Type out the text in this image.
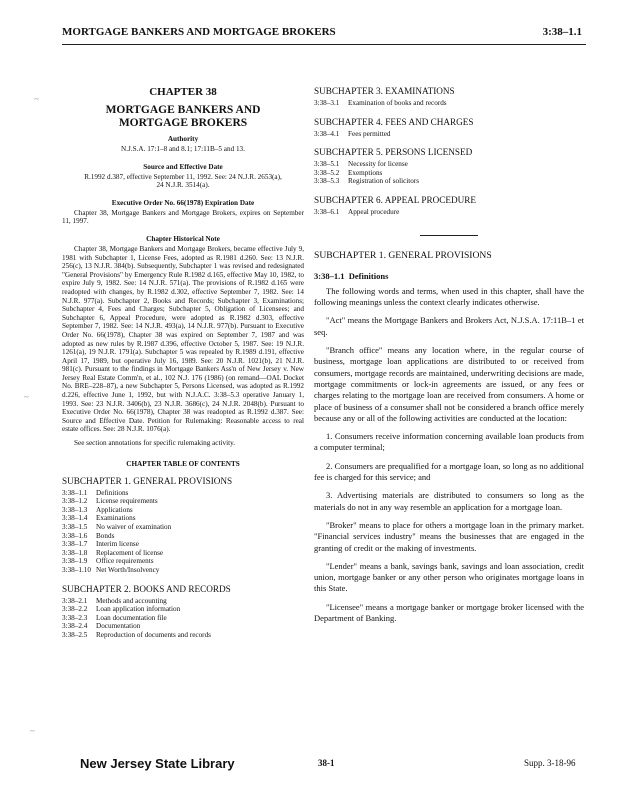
MORTGAGE BANKERS AND MORTGAGE BROKERS	3:38–1.1
~
~
~

CHAPTER 38

MORTGAGE BANKERS AND MORTGAGE BROKERS

Authority

N.J.S.A. 17:1–8 and 8.1; 17:11B–5 and 13.

Source and Effective Date

R.1992 d.387, effective September 11, 1992. See: 24 N.J.R. 2653(a), 24 N.J.R. 3514(a).

Executive Order No. 66(1978) Expiration Date

Chapter 38, Mortgage Bankers and Mortgage Brokers, expires on September 11, 1997.

Chapter Historical Note

Chapter 38, Mortgage Bankers and Mortgage Brokers, became effective July 9, 1981 with Subchapter 1, License Fees, adopted as R.1981 d.260. See: 13 N.J.R. 256(c), 13 N.J.R. 384(b). Subsequently, Subchapter 1 was revised and redesignated "General Provisions" by Emergency Rule R.1982 d.165, effective May 10, 1982, to expire July 9, 1982. See: 14 N.J.R. 571(a). The provisions of R.1982 d.165 were readopted with changes, by R.1982 d.302, effective September 7, 1982. See: 14 N.J.R. 977(a). Subchapter 2, Books and Records; Subchapter 3, Examinations; Subchapter 4, Fees and Charges; Subchapter 5, Obligation of Licensees; and Subchapter 6, Appeal Procedure, were adopted as R.1982 d.303, effective September 7, 1982. See: 14 N.J.R. 493(a), 14 N.J.R. 977(b). Pursuant to Executive Order No. 66(1978), Chapter 38 was expired on September 7, 1987 and was adopted as new rules by R.1987 d.396, effective October 5, 1987. See: 19 N.J.R. 1261(a), 19 N.J.R. 1791(a). Subchapter 5 was repealed by R.1989 d.191, effective April 17, 1989, but operative July 16, 1989. See: 20 N.J.R. 1021(b), 21 N.J.R. 981(c). Pursuant to the findings in Mortgage Bankers Ass'n of New Jersey v. New Jersey Real Estate Comm'n, et al., 102 N.J. 176 (1986) (on remand—OAL Docket No. BRE–228–87), a new Subchapter 5, Persons Licensed, was adopted as R.1992 d.226, effective June 1, 1992, but with N.J.A.C. 3:38–5.3 operative January 1, 1993. See: 23 N.J.R. 3406(b), 23 N.J.R. 3686(c), 24 N.J.R. 2048(b). Pursuant to Executive Order No. 66(1978), Chapter 38 was readopted as R.1992 d.387. See: Source and Effective Date. Petition for Rulemaking: Reasonable access to real estate offices. See: 28 N.J.R. 1076(a).

See section annotations for specific rulemaking activity.

CHAPTER TABLE OF CONTENTS

SUBCHAPTER 1. GENERAL PROVISIONS

3:38–1.1	Definitions
3:38–1.2	License requirements
3:38–1.3	Applications
3:38–1.4	Examinations
3:38–1.5	No waiver of examination
3:38–1.6	Bonds
3:38–1.7	Interim license
3:38–1.8	Replacement of license
3:38–1.9	Office requirements
3:38–1.10 Net Worth/Insolvency

SUBCHAPTER 2. BOOKS AND RECORDS

3:38–2.1	Methods and accounting
3:38–2.2	Loan application information
3:38–2.3	Loan documentation file
3:38–2.4	Documentation
3:38–2.5	Reproduction of documents and records

SUBCHAPTER 3. EXAMINATIONS

3:38–3.1	Examination of books and records

SUBCHAPTER 4. FEES AND CHARGES

3:38–4.1	Fees permitted

SUBCHAPTER 5. PERSONS LICENSED

3:38–5.1	Necessity for license
3:38–5.2	Exemptions
3:38–5.3	Registration of solicitors

SUBCHAPTER 6. APPEAL PROCEDURE

3:38–6.1	Appeal procedure

SUBCHAPTER 1. GENERAL PROVISIONS

3:38–1.1 Definitions

The following words and terms, when used in this chapter, shall have the following meanings unless the context clearly indicates otherwise.

"Act" means the Mortgage Bankers and Brokers Act, N.J.S.A. 17:11B–1 et seq.

"Branch office" means any location where, in the regular course of business, mortgage loan applications are distributed to or received from consumers, mortgage records are maintained, underwriting decisions are made, mortgage commitments or lock-in agreements are issued, or any fees or charges relating to the mortgage loan are received from consumers. A home or place of business of a consumer shall not be considered a branch office merely because any or all of the following activities are conducted at the location:

1. Consumers receive information concerning available loan products from a computer terminal;

2. Consumers are prequalified for a mortgage loan, so long as no additional fee is charged for this service; and

3. Advertising materials are distributed to consumers so long as the materials do not in any way resemble an application for a mortgage loan.

"Broker" means to place for others a mortgage loan in the primary market. "Financial services industry" means the businesses that are engaged in the granting of credit or the making of investments.

"Lender" means a bank, savings bank, savings and loan association, credit union, mortgage banker or any other person who originates mortgage loans in this State.

"Licensee" means a mortgage banker or mortgage broker licensed with the Department of Banking.

New Jersey State Library	38-1	Supp. 3-18-96
